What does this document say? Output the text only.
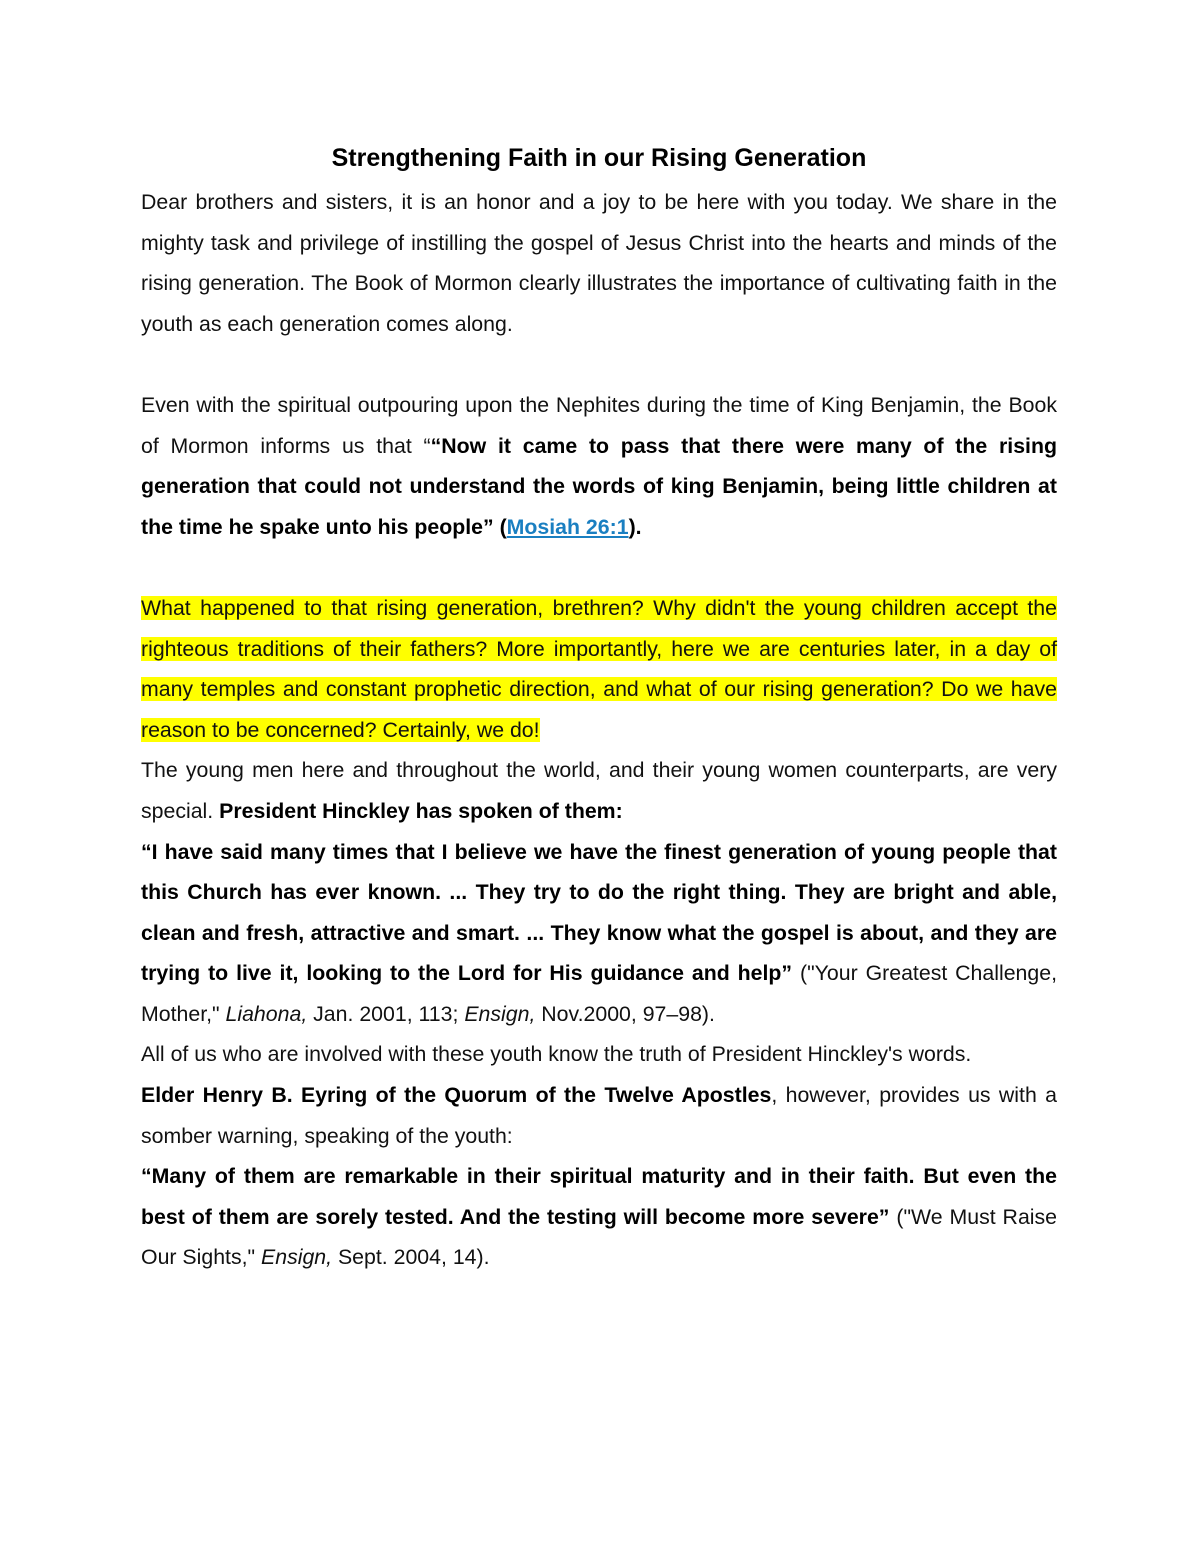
Strengthening Faith in our Rising Generation

Dear brothers and sisters, it is an honor and a joy to be here with you today. We share in the mighty task and privilege of instilling the gospel of Jesus Christ into the hearts and minds of the rising generation. The Book of Mormon clearly illustrates the importance of cultivating faith in the youth as each generation comes along.

Even with the spiritual outpouring upon the Nephites during the time of King Benjamin, the Book of Mormon informs us that ““Now it came to pass that there were many of the rising generation that could not understand the words of king Benjamin, being little children at the time he spake unto his people” (Mosiah 26:1).

What happened to that rising generation, brethren? Why didn't the young children accept the righteous traditions of their fathers? More importantly, here we are centuries later, in a day of many temples and constant prophetic direction, and what of our rising generation? Do we have reason to be concerned? Certainly, we do!

The young men here and throughout the world, and their young women counterparts, are very special. President Hinckley has spoken of them:

“I have said many times that I believe we have the finest generation of young people that this Church has ever known. ... They try to do the right thing. They are bright and able, clean and fresh, attractive and smart. ... They know what the gospel is about, and they are trying to live it, looking to the Lord for His guidance and help” ("Your Greatest Challenge, Mother," Liahona, Jan. 2001, 113; Ensign, Nov.2000, 97–98).

All of us who are involved with these youth know the truth of President Hinckley's words.

Elder Henry B. Eyring of the Quorum of the Twelve Apostles, however, provides us with a somber warning, speaking of the youth:

“Many of them are remarkable in their spiritual maturity and in their faith. But even the best of them are sorely tested. And the testing will become more severe” ("We Must Raise Our Sights," Ensign, Sept. 2004, 14).
